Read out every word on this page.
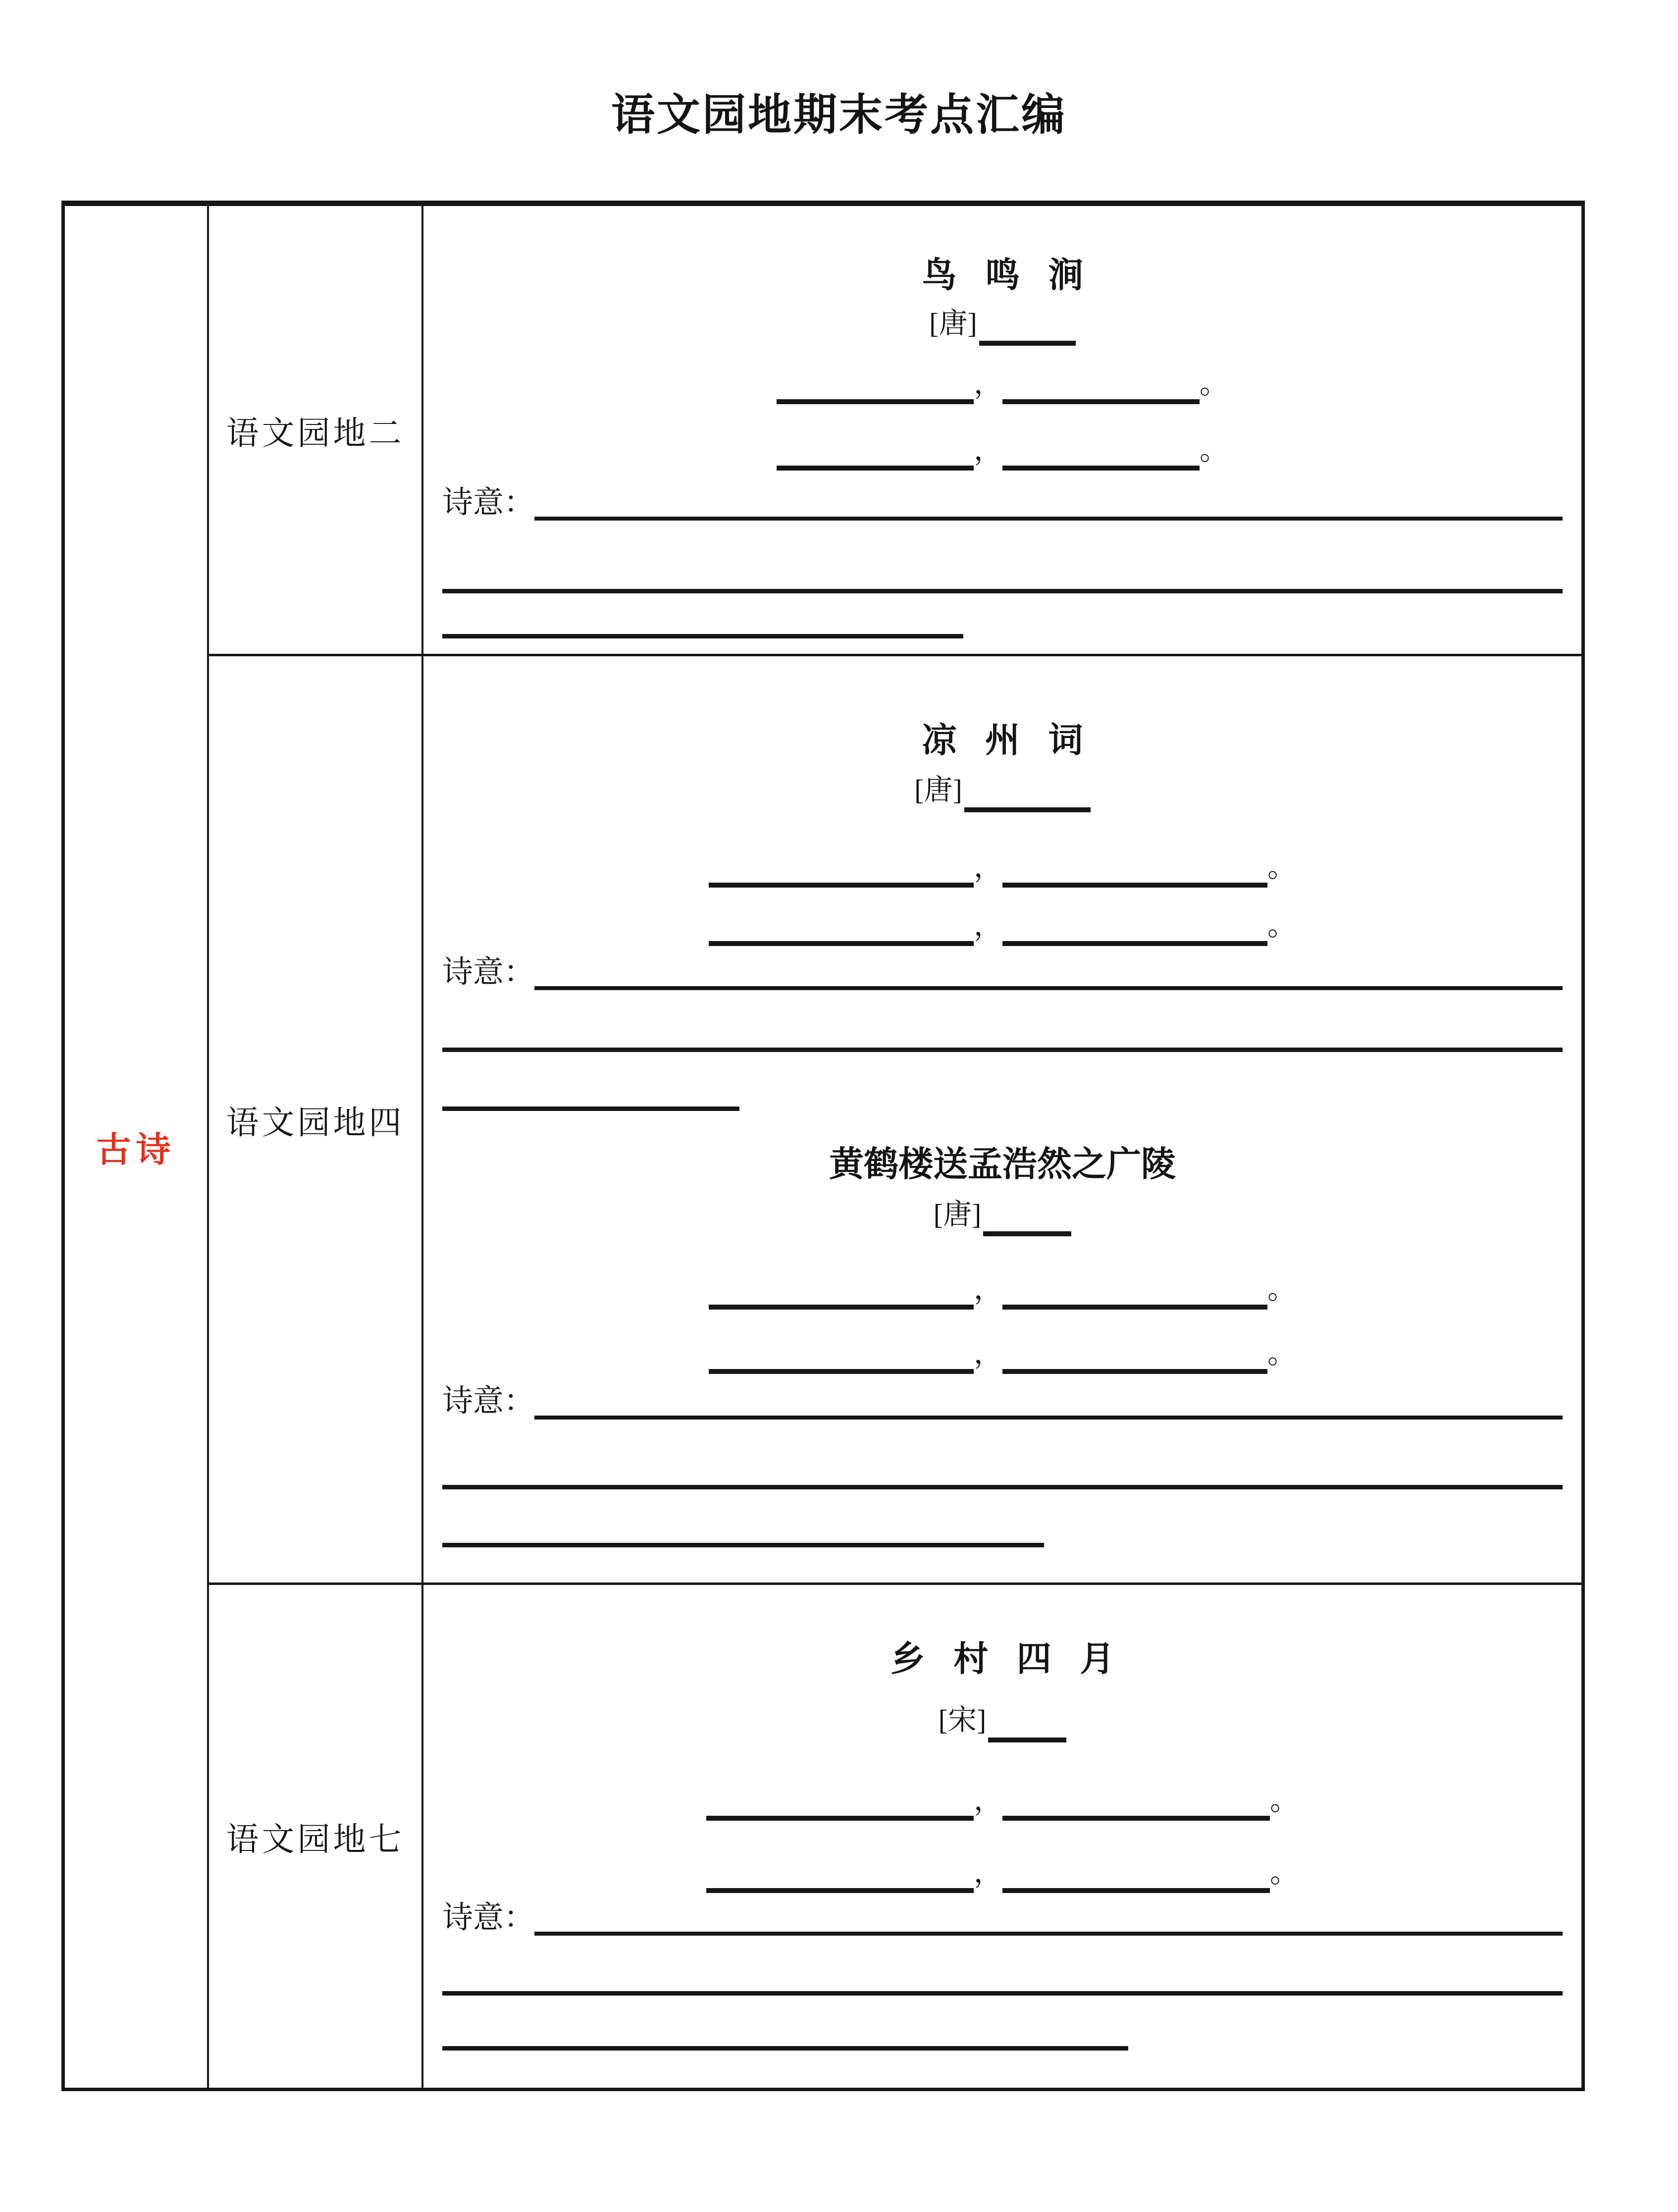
语文园地期末考点汇编
古诗
语文园地二
鸟 鸣 涧
[唐]
，	。
，	。
诗意：
语文园地四
凉 州 词
[唐]
，	。
，	。
诗意：
黄鹤楼送孟浩然之广陵
[唐]
，	。
，	。
诗意：
语文园地七
乡 村 四 月
[宋]
，	。
，	。
诗意：
